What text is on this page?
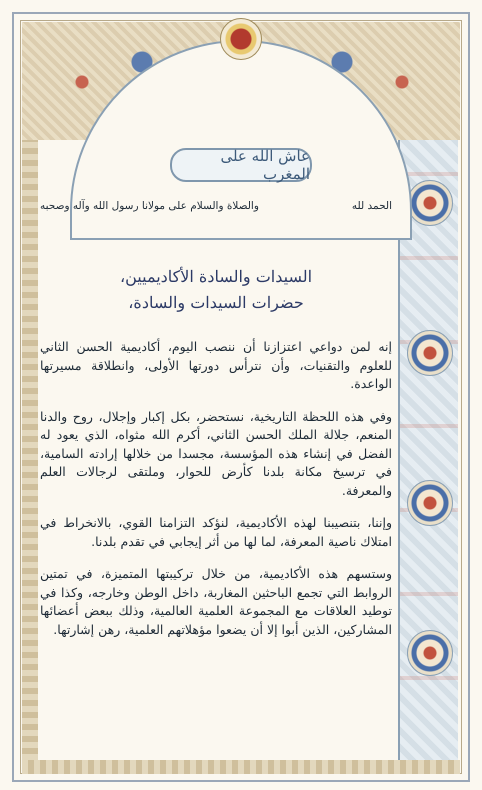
عاش الله على المغرب
الحمد لله
والصلاة والسلام على مولانا رسول الله وآله وصحبه
السيدات والسادة الأكاديميين،
حضرات السيدات والسادة،

إنه لمن دواعي اعتزازنا أن ننصب اليوم، أكاديمية الحسن الثاني للعلوم والتقنيات، وأن نترأس دورتها الأولى، وانطلاقة مسيرتها الواعدة.

وفي هذه اللحظة التاريخية، نستحضر، بكل إكبار وإجلال، روح والدنا المنعم، جلالة الملك الحسن الثاني، أكرم الله مثواه، الذي يعود له الفضل في إنشاء هذه المؤسسة، مجسدا من خلالها إرادته السامية، في ترسيخ مكانة بلدنا كأرض للحوار، وملتقى لرجالات العلم والمعرفة.

وإننا، بتنصيبنا لهذه الأكاديمية، لنؤكد التزامنا القوي، بالانخراط في امتلاك ناصية المعرفة، لما لها من أثر إيجابي في تقدم بلدنا.

وستسهم هذه الأكاديمية، من خلال تركيبتها المتميزة، في تمتين الروابط التي تجمع الباحثين المغاربة، داخل الوطن وخارجه، وكذا في توطيد العلاقات مع المجموعة العلمية العالمية، وذلك ببعض أعضائها المشاركين، الذين أبوا إلا أن يضعوا مؤهلاتهم العلمية، رهن إشارتها.
